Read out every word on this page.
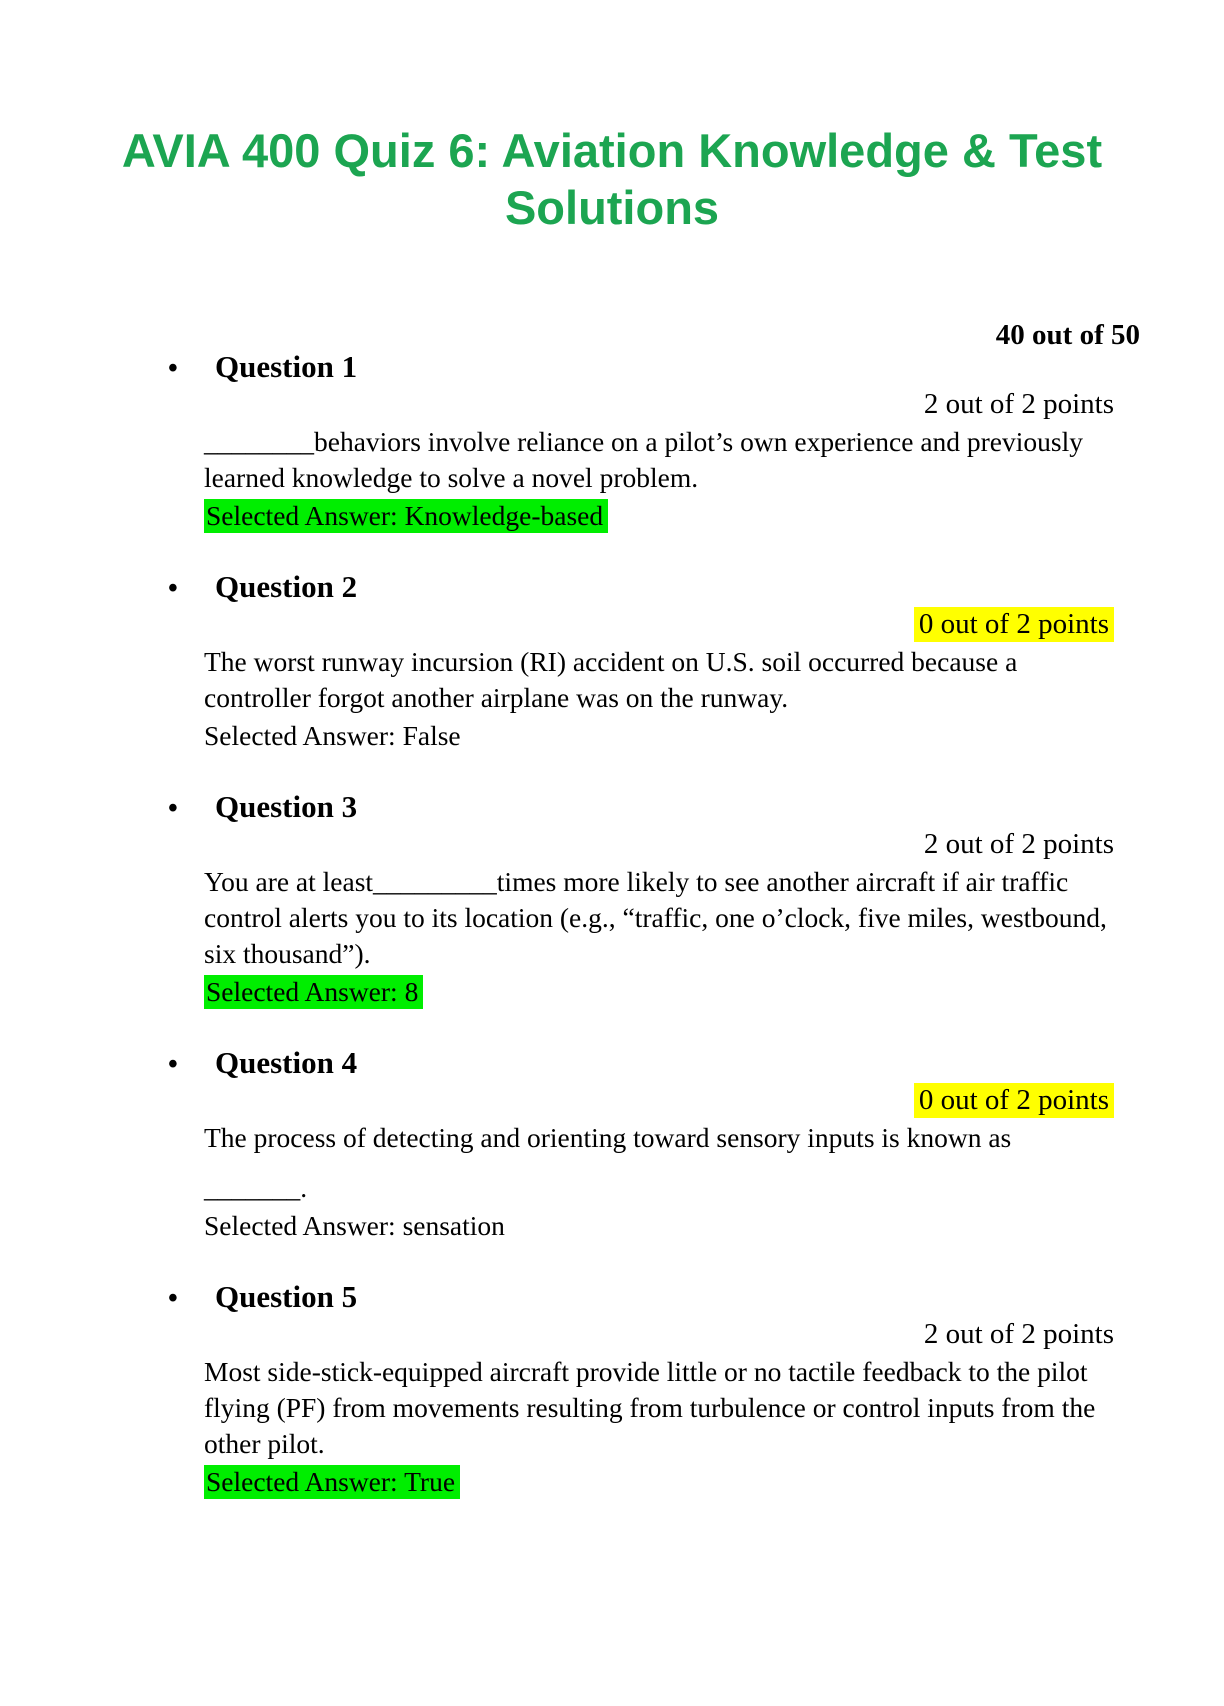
AVIA 400 Quiz 6: Aviation Knowledge & Test
Solutions
40 out of 50
• Question 1
2 out of 2 points
________behaviors involve reliance on a pilot’s own experience and previously learned knowledge to solve a novel problem.
Selected Answer: Knowledge-based
• Question 2
0 out of 2 points
The worst runway incursion (RI) accident on U.S. soil occurred because a controller forgot another airplane was on the runway.
Selected Answer: False
• Question 3
2 out of 2 points
You are at least_________times more likely to see another aircraft if air traffic control alerts you to its location (e.g., “traffic, one o’clock, five miles, westbound, six thousand”).
Selected Answer: 8
• Question 4
0 out of 2 points
The process of detecting and orienting toward sensory inputs is known as
_______.
Selected Answer: sensation
• Question 5
2 out of 2 points
Most side-stick-equipped aircraft provide little or no tactile feedback to the pilot flying (PF) from movements resulting from turbulence or control inputs from the other pilot.
Selected Answer: True
